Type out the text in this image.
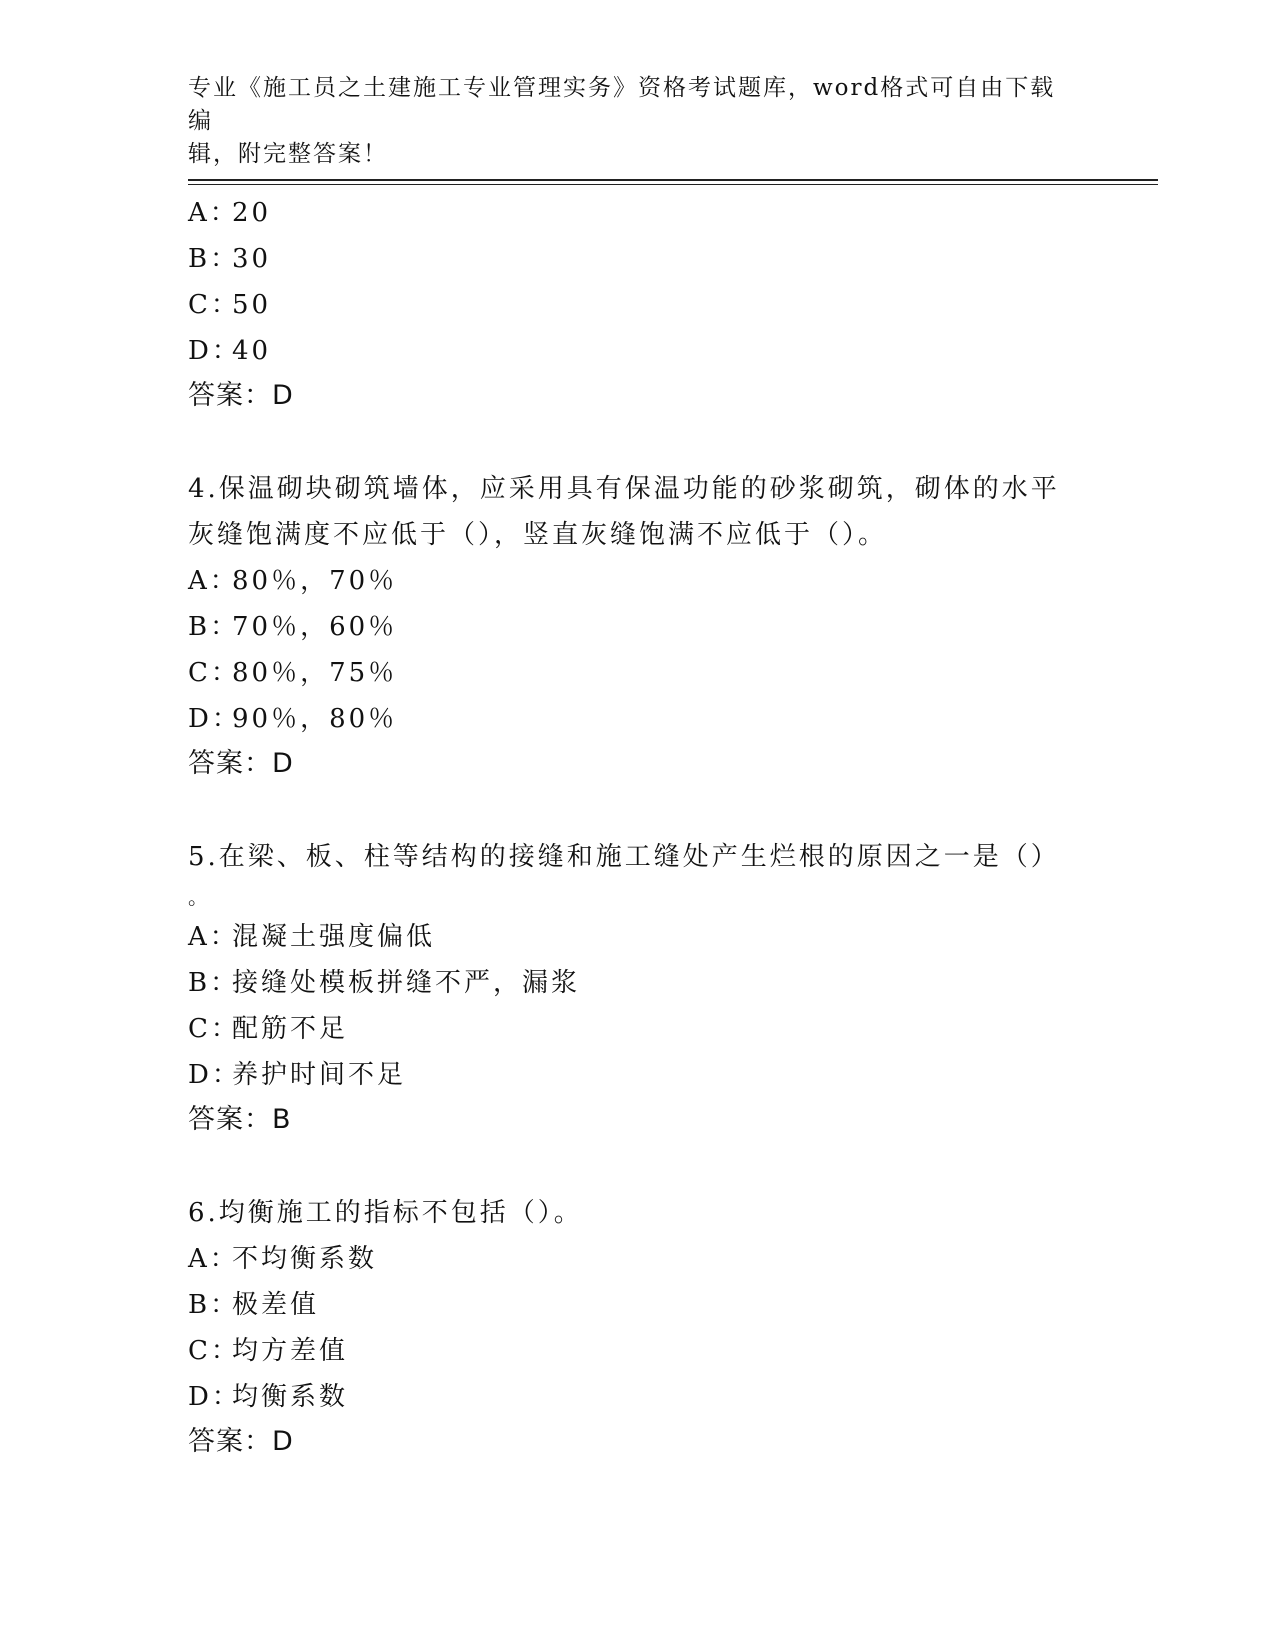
专业《施工员之土建施工专业管理实务》资格考试题库，word格式可自由下载编
辑，附完整答案！
A：20
B：30
C：50
D：40
答案：D
4.保温砌块砌筑墙体，应采用具有保温功能的砂浆砌筑，砌体的水平
灰缝饱满度不应低于（），竖直灰缝饱满不应低于（）。
A：80％，70％
B：70％，60％
C：80％，75％
D：90％，80％
答案：D
5.在梁、板、柱等结构的接缝和施工缝处产生烂根的原因之一是（）
。
A：混凝土强度偏低
B：接缝处模板拼缝不严，漏浆
C：配筋不足
D：养护时间不足
答案：B
6.均衡施工的指标不包括（）。
A：不均衡系数
B：极差值
C：均方差值
D：均衡系数
答案：D
